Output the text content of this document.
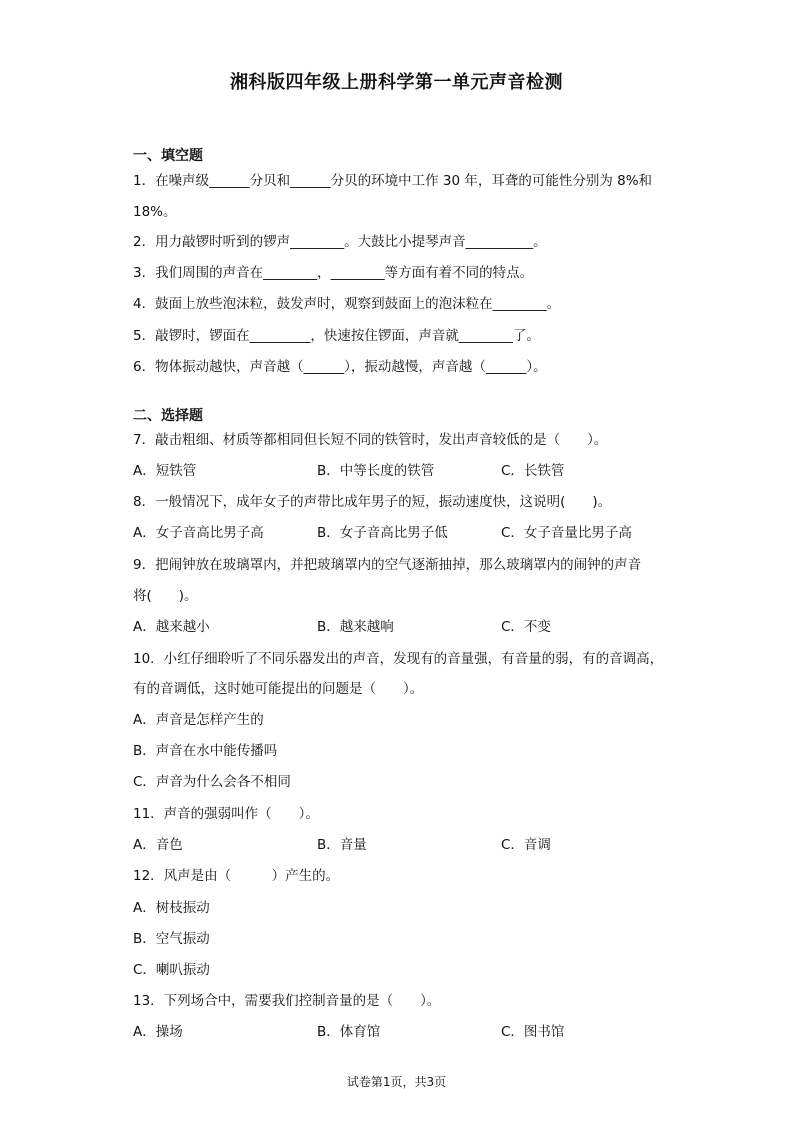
湘科版四年级上册科学第一单元声音检测
一、填空题
1．在噪声级______分贝和______分贝的环境中工作 30 年，耳聋的可能性分别为 8%和
18%。
2．用力敲锣时听到的锣声________。大鼓比小提琴声音__________。
3．我们周围的声音在________，________等方面有着不同的特点。
4．鼓面上放些泡沫粒，鼓发声时，观察到鼓面上的泡沫粒在________。
5．敲锣时，锣面在_________，快速按住锣面，声音就________了。
6．物体振动越快，声音越（______），振动越慢，声音越（______）。
二、选择题
7．敲击粗细、材质等都相同但长短不同的铁管时，发出声音较低的是（　　）。
A．短铁管	B．中等长度的铁管	C．长铁管
8．一般情况下，成年女子的声带比成年男子的短，振动速度快，这说明(　　)。
A．女子音高比男子高	B．女子音高比男子低	C．女子音量比男子高
9．把闹钟放在玻璃罩内，并把玻璃罩内的空气逐渐抽掉，那么玻璃罩内的闹钟的声音
将(　　)。
A．越来越小	B．越来越响	C．不变
10．小红仔细聆听了不同乐器发出的声音，发现有的音量强，有音量的弱，有的音调高，
有的音调低，这时她可能提出的问题是（　　）。
A．声音是怎样产生的
B．声音在水中能传播吗
C．声音为什么会各不相同
11．声音的强弱叫作（　　）。
A．音色	B．音量	C．音调
12．风声是由（　　　）产生的。
A．树枝振动
B．空气振动
C．喇叭振动
13．下列场合中，需要我们控制音量的是（　　）。
A．操场	B．体育馆	C．图书馆
试卷第1页，共3页
